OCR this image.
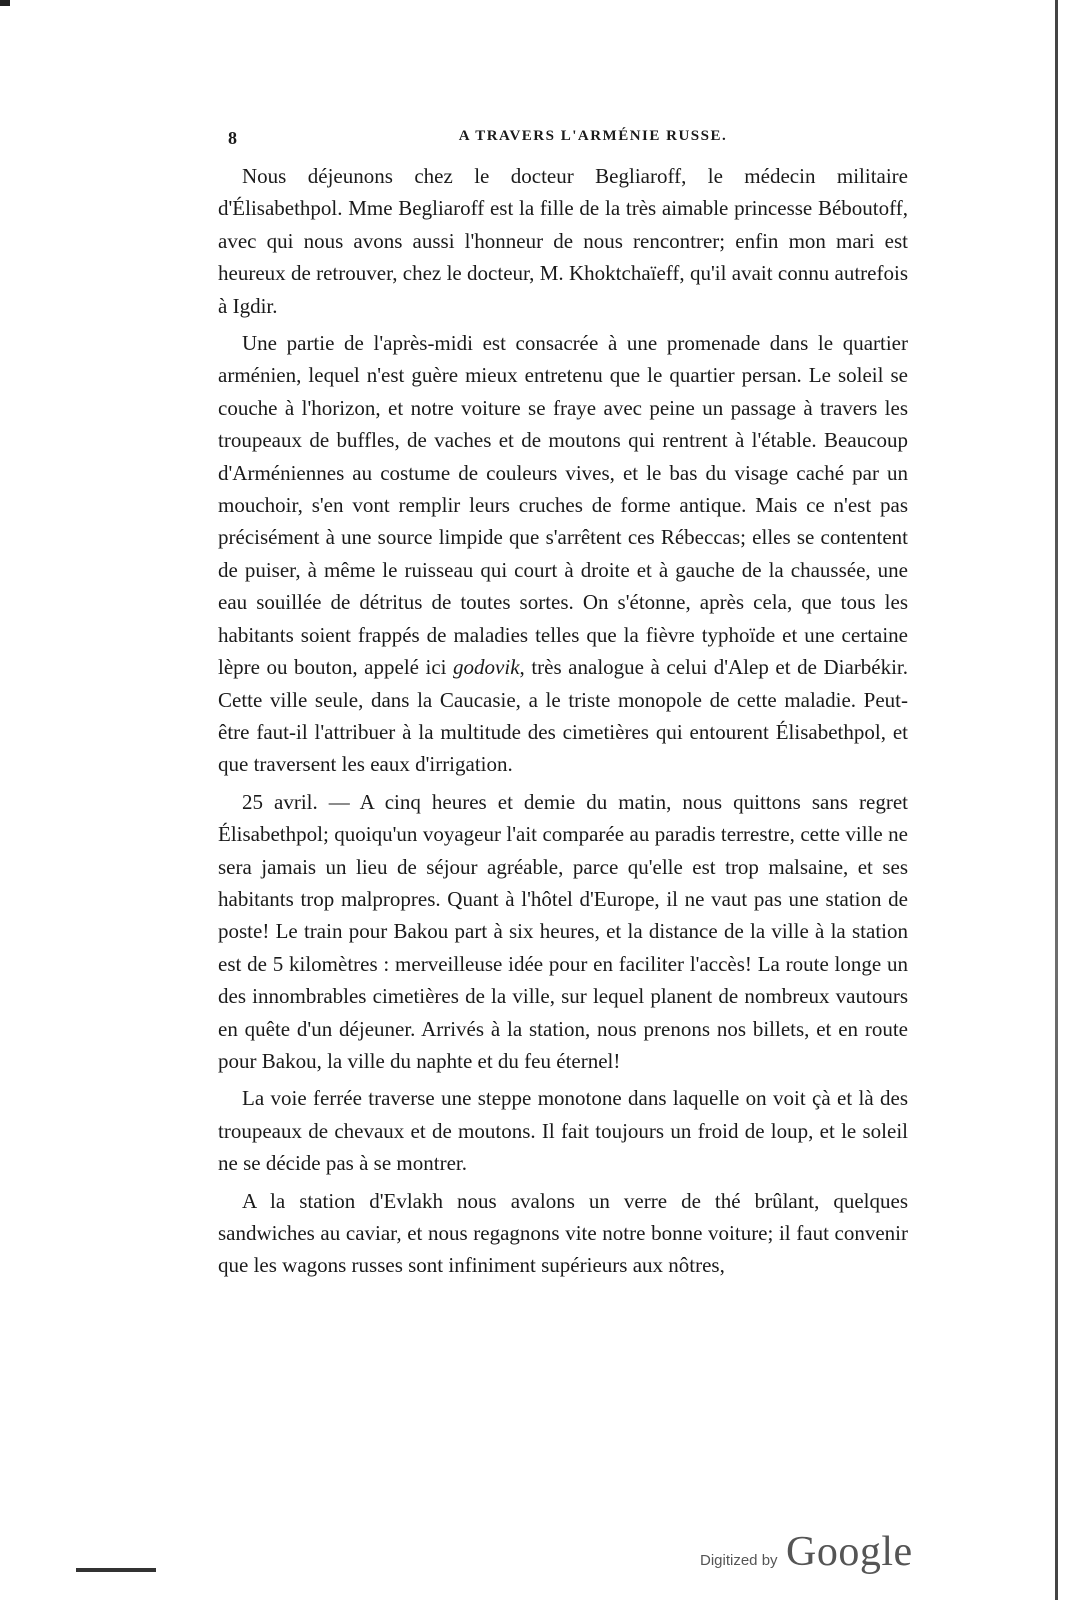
8	A TRAVERS L'ARMÉNIE RUSSE.

Nous déjeunons chez le docteur Begliaroff, le médecin militaire d'Élisabethpol. Mme Begliaroff est la fille de la très aimable princesse Béboutoff, avec qui nous avons aussi l'honneur de nous rencontrer; enfin mon mari est heureux de retrouver, chez le docteur, M. Khoktchaïeff, qu'il avait connu autrefois à Igdir.

Une partie de l'après-midi est consacrée à une promenade dans le quartier arménien, lequel n'est guère mieux entretenu que le quartier persan. Le soleil se couche à l'horizon, et notre voiture se fraye avec peine un passage à travers les troupeaux de buffles, de vaches et de moutons qui rentrent à l'étable. Beaucoup d'Arméniennes au costume de couleurs vives, et le bas du visage caché par un mouchoir, s'en vont remplir leurs cruches de forme antique. Mais ce n'est pas précisément à une source limpide que s'arrêtent ces Rébeccas; elles se contentent de puiser, à même le ruisseau qui court à droite et à gauche de la chaussée, une eau souillée de détritus de toutes sortes. On s'étonne, après cela, que tous les habitants soient frappés de maladies telles que la fièvre typhoïde et une certaine lèpre ou bouton, appelé ici godovik, très analogue à celui d'Alep et de Diarbékir. Cette ville seule, dans la Caucasie, a le triste monopole de cette maladie. Peut-être faut-il l'attribuer à la multitude des cimetières qui entourent Élisabethpol, et que traversent les eaux d'irrigation.

25 avril. — A cinq heures et demie du matin, nous quittons sans regret Élisabethpol; quoiqu'un voyageur l'ait comparée au paradis terrestre, cette ville ne sera jamais un lieu de séjour agréable, parce qu'elle est trop malsaine, et ses habitants trop malpropres. Quant à l'hôtel d'Europe, il ne vaut pas une station de poste! Le train pour Bakou part à six heures, et la distance de la ville à la station est de 5 kilomètres : merveilleuse idée pour en faciliter l'accès! La route longe un des innombrables cimetières de la ville, sur lequel planent de nombreux vautours en quête d'un déjeuner. Arrivés à la station, nous prenons nos billets, et en route pour Bakou, la ville du naphte et du feu éternel!

La voie ferrée traverse une steppe monotone dans laquelle on voit çà et là des troupeaux de chevaux et de moutons. Il fait toujours un froid de loup, et le soleil ne se décide pas à se montrer.

A la station d'Evlakh nous avalons un verre de thé brûlant, quelques sandwiches au caviar, et nous regagnons vite notre bonne voiture; il faut convenir que les wagons russes sont infiniment supérieurs aux nôtres,

Digitized by Google
